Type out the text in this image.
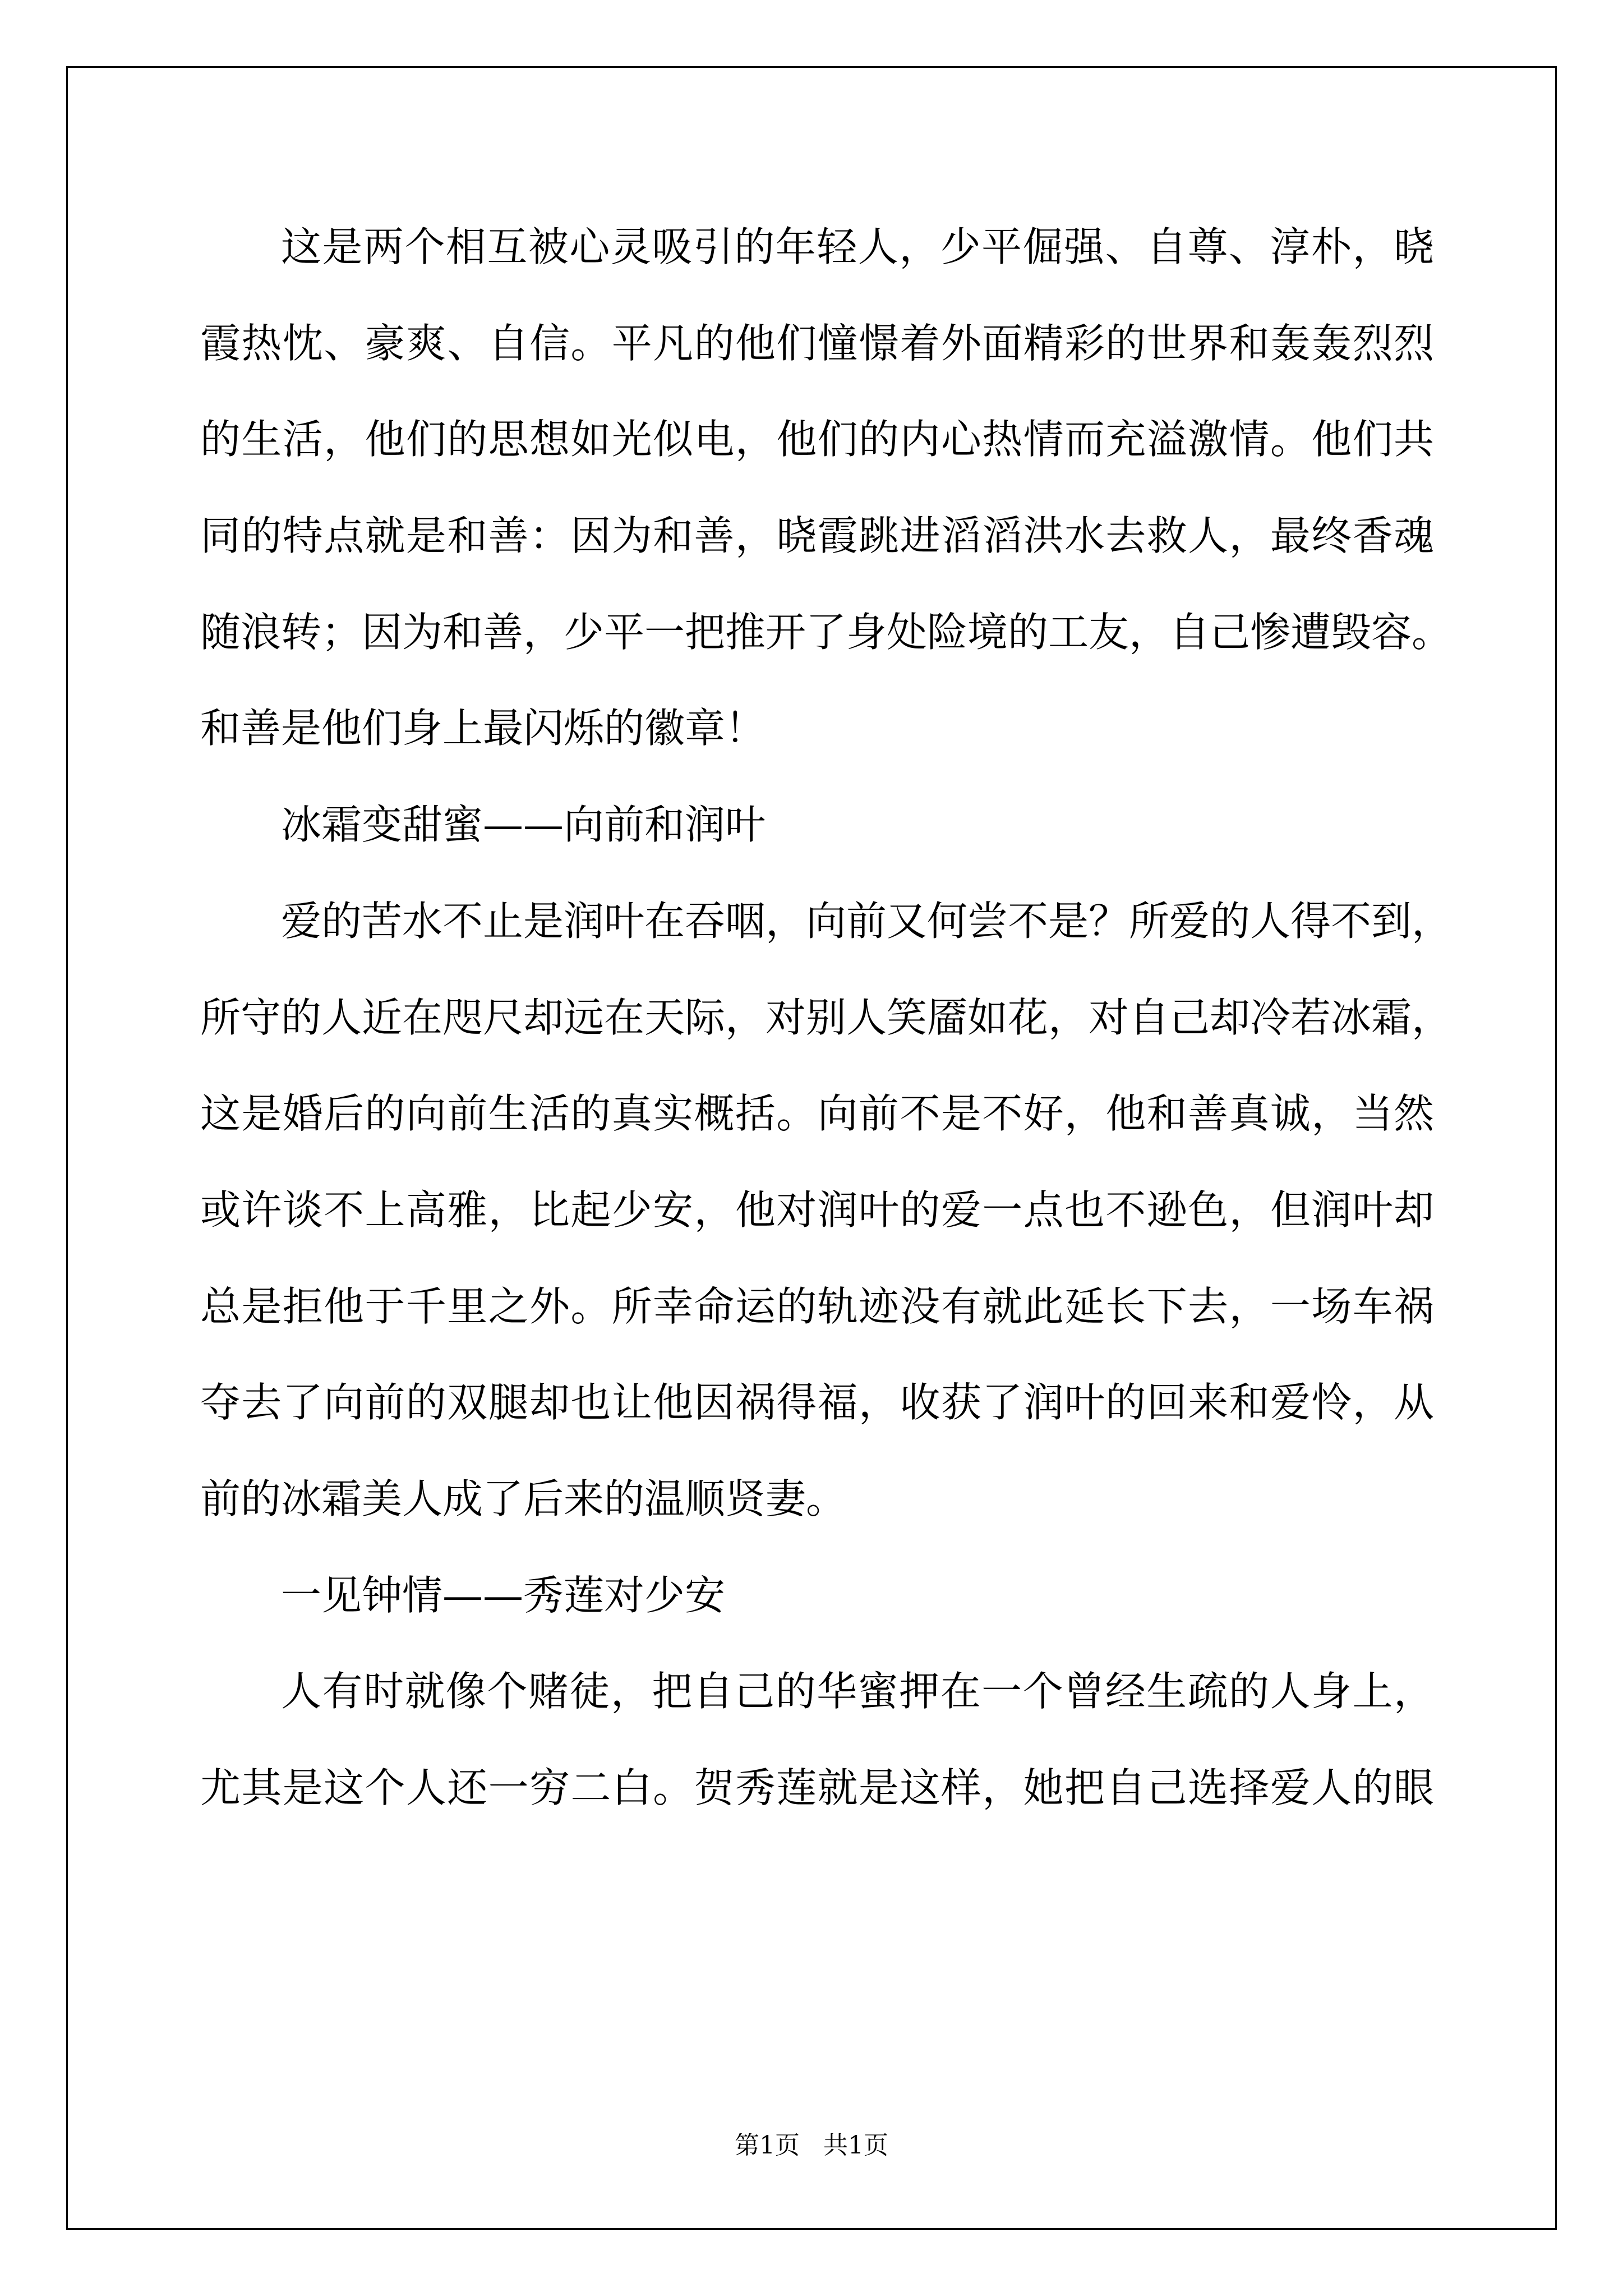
这是两个相互被心灵吸引的年轻人，少平倔强、自尊、淳朴，晓
霞热忱、豪爽、自信。平凡的他们憧憬着外面精彩的世界和轰轰烈烈
的生活，他们的思想如光似电，他们的内心热情而充溢激情。他们共
同的特点就是和善：因为和善，晓霞跳进滔滔洪水去救人，最终香魂
随浪转；因为和善，少平一把推开了身处险境的工友，自己惨遭毁容。
和善是他们身上最闪烁的徽章！
冰霜变甜蜜——向前和润叶
爱的苦水不止是润叶在吞咽，向前又何尝不是？所爱的人得不到，
所守的人近在咫尺却远在天际，对别人笑靥如花，对自己却冷若冰霜，
这是婚后的向前生活的真实概括。向前不是不好，他和善真诚，当然
或许谈不上高雅，比起少安，他对润叶的爱一点也不逊色，但润叶却
总是拒他于千里之外。所幸命运的轨迹没有就此延长下去，一场车祸
夺去了向前的双腿却也让他因祸得福，收获了润叶的回来和爱怜，从
前的冰霜美人成了后来的温顺贤妻。
一见钟情——秀莲对少安
人有时就像个赌徒，把自己的华蜜押在一个曾经生疏的人身上，
尤其是这个人还一穷二白。贺秀莲就是这样，她把自己选择爱人的眼
第1页   共1页
